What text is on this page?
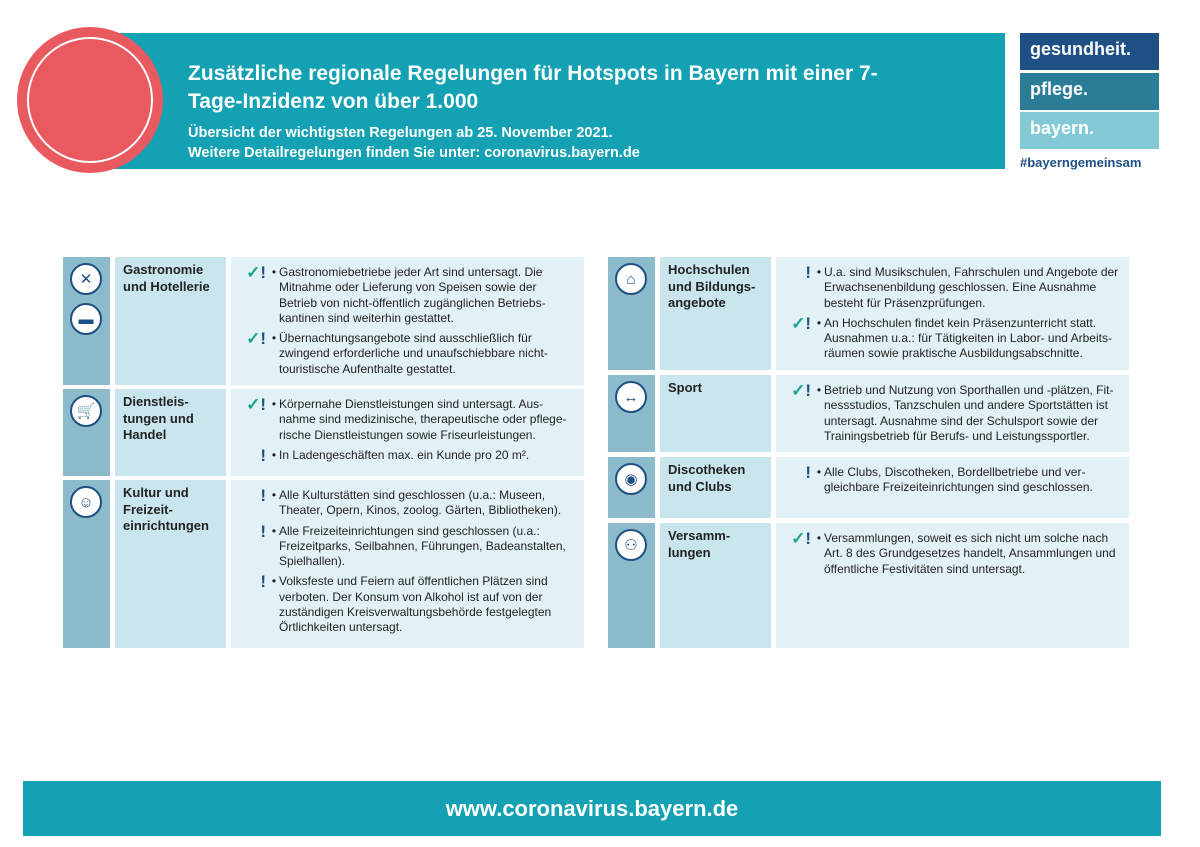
Zusätzliche regionale Regelungen für Hotspots in Bayern mit einer 7-Tage-Inzidenz von über 1.000
Übersicht der wichtigsten Regelungen ab 25. November 2021.
Weitere Detailregelungen finden Sie unter: coronavirus.bayern.de
gesundheit.
pflege.
bayern.
#bayerngemeinsam
✕
▬
Gastronomie und Hotellerie
✓! • Gastronomiebetriebe jeder Art sind untersagt. Die Mitnahme oder Lieferung von Speisen sowie der Betrieb von nicht-öffentlich zugänglichen Betriebskantinen sind weiterhin gestattet.
✓! • Übernachtungsangebote sind ausschließlich für zwingend erforderliche und unaufschiebbare nicht-touristische Aufenthalte gestattet.
🛒
Dienstleistungen und Handel
✓! • Körpernahe Dienstleistungen sind untersagt. Ausnahme sind medizinische, therapeutische oder pflegerische Dienstleistungen sowie Friseurleistungen.
! • In Ladengeschäften max. ein Kunde pro 20 m².
☺
Kultur und Freizeiteinrichtungen
! • Alle Kulturstätten sind geschlossen (u.a.: Museen, Theater, Opern, Kinos, zoolog. Gärten, Bibliotheken).
! • Alle Freizeiteinrichtungen sind geschlossen (u.a.: Freizeitparks, Seilbahnen, Führungen, Badeanstalten, Spielhallen).
! • Volksfeste und Feiern auf öffentlichen Plätzen sind verboten. Der Konsum von Alkohol ist auf von der zuständigen Kreisverwaltungsbehörde festgelegten Örtlichkeiten untersagt.
⌂
Hochschulen und Bildungsangebote
! • U.a. sind Musikschulen, Fahrschulen und Angebote der Erwachsenenbildung geschlossen. Eine Ausnahme besteht für Präsenzprüfungen.
✓! • An Hochschulen findet kein Präsenzunterricht statt. Ausnahmen u.a.: für Tätigkeiten in Labor- und Arbeitsräumen sowie praktische Ausbildungsabschnitte.
↔
Sport	✓! • Betrieb und Nutzung von Sporthallen und -plätzen, Fitnessstudios, Tanzschulen und andere Sportstätten ist untersagt. Ausnahme sind der Schulsport sowie der Trainingsbetrieb für Berufs- und Leistungssportler.
◉
Discotheken und Clubs
! • Alle Clubs, Discotheken, Bordellbetriebe und vergleichbare Freizeiteinrichtungen sind geschlossen.
⚇
Versammlungen
✓! • Versammlungen, soweit es sich nicht um solche nach Art. 8 des Grundgesetzes handelt, Ansammlungen und öffentliche Festivitäten sind untersagt.
www.coronavirus.bayern.de
